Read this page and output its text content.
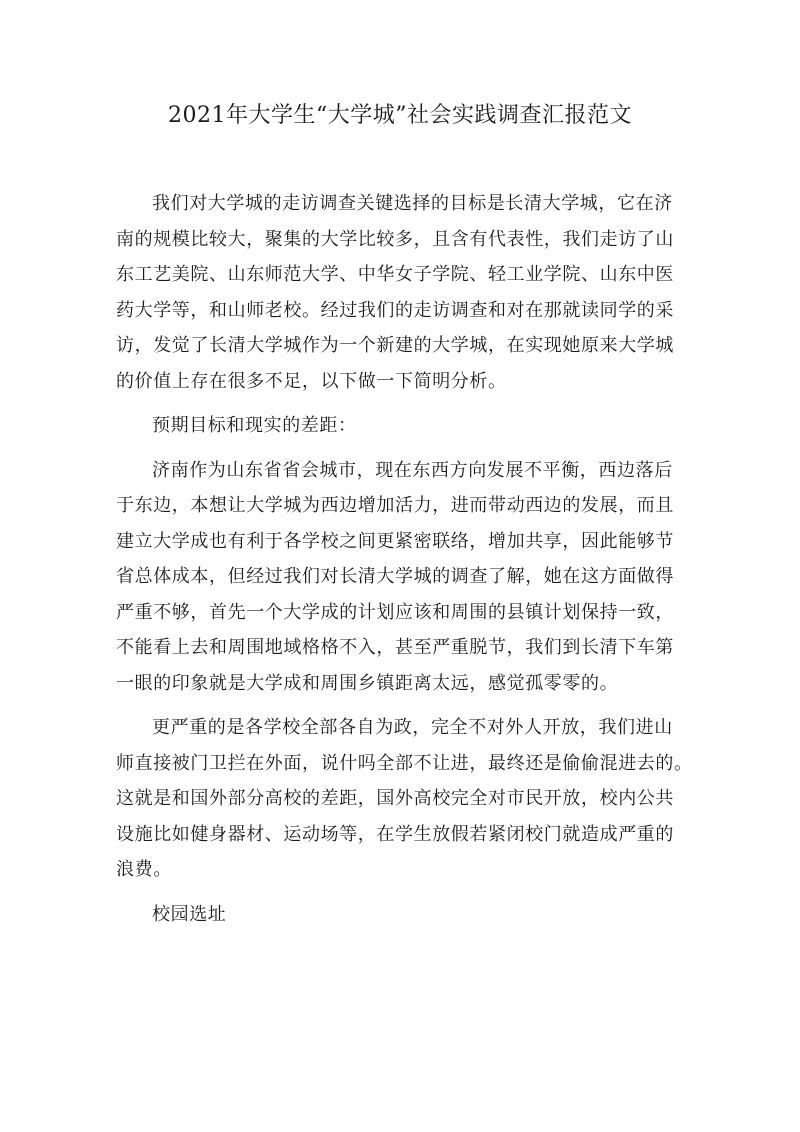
2021年大学生“大学城”社会实践调查汇报范文

我们对大学城的走访调查关键选择的目标是长清大学城，它在济
南的规模比较大，聚集的大学比较多，且含有代表性，我们走访了山
东工艺美院、山东师范大学、中华女子学院、轻工业学院、山东中医
药大学等，和山师老校。经过我们的走访调查和对在那就读同学的采
访，发觉了长清大学城作为一个新建的大学城，在实现她原来大学城
的价值上存在很多不足，以下做一下简明分析。

预期目标和现实的差距：

济南作为山东省省会城市，现在东西方向发展不平衡，西边落后
于东边，本想让大学城为西边增加活力，进而带动西边的发展，而且
建立大学成也有利于各学校之间更紧密联络，增加共享，因此能够节
省总体成本，但经过我们对长清大学城的调查了解，她在这方面做得
严重不够，首先一个大学成的计划应该和周围的县镇计划保持一致，
不能看上去和周围地域格格不入，甚至严重脱节，我们到长清下车第
一眼的印象就是大学成和周围乡镇距离太远，感觉孤零零的。

更严重的是各学校全部各自为政，完全不对外人开放，我们进山
师直接被门卫拦在外面，说什吗全部不让进，最终还是偷偷混进去的。
这就是和国外部分高校的差距，国外高校完全对市民开放，校内公共
设施比如健身器材、运动场等，在学生放假若紧闭校门就造成严重的
浪费。

校园选址
